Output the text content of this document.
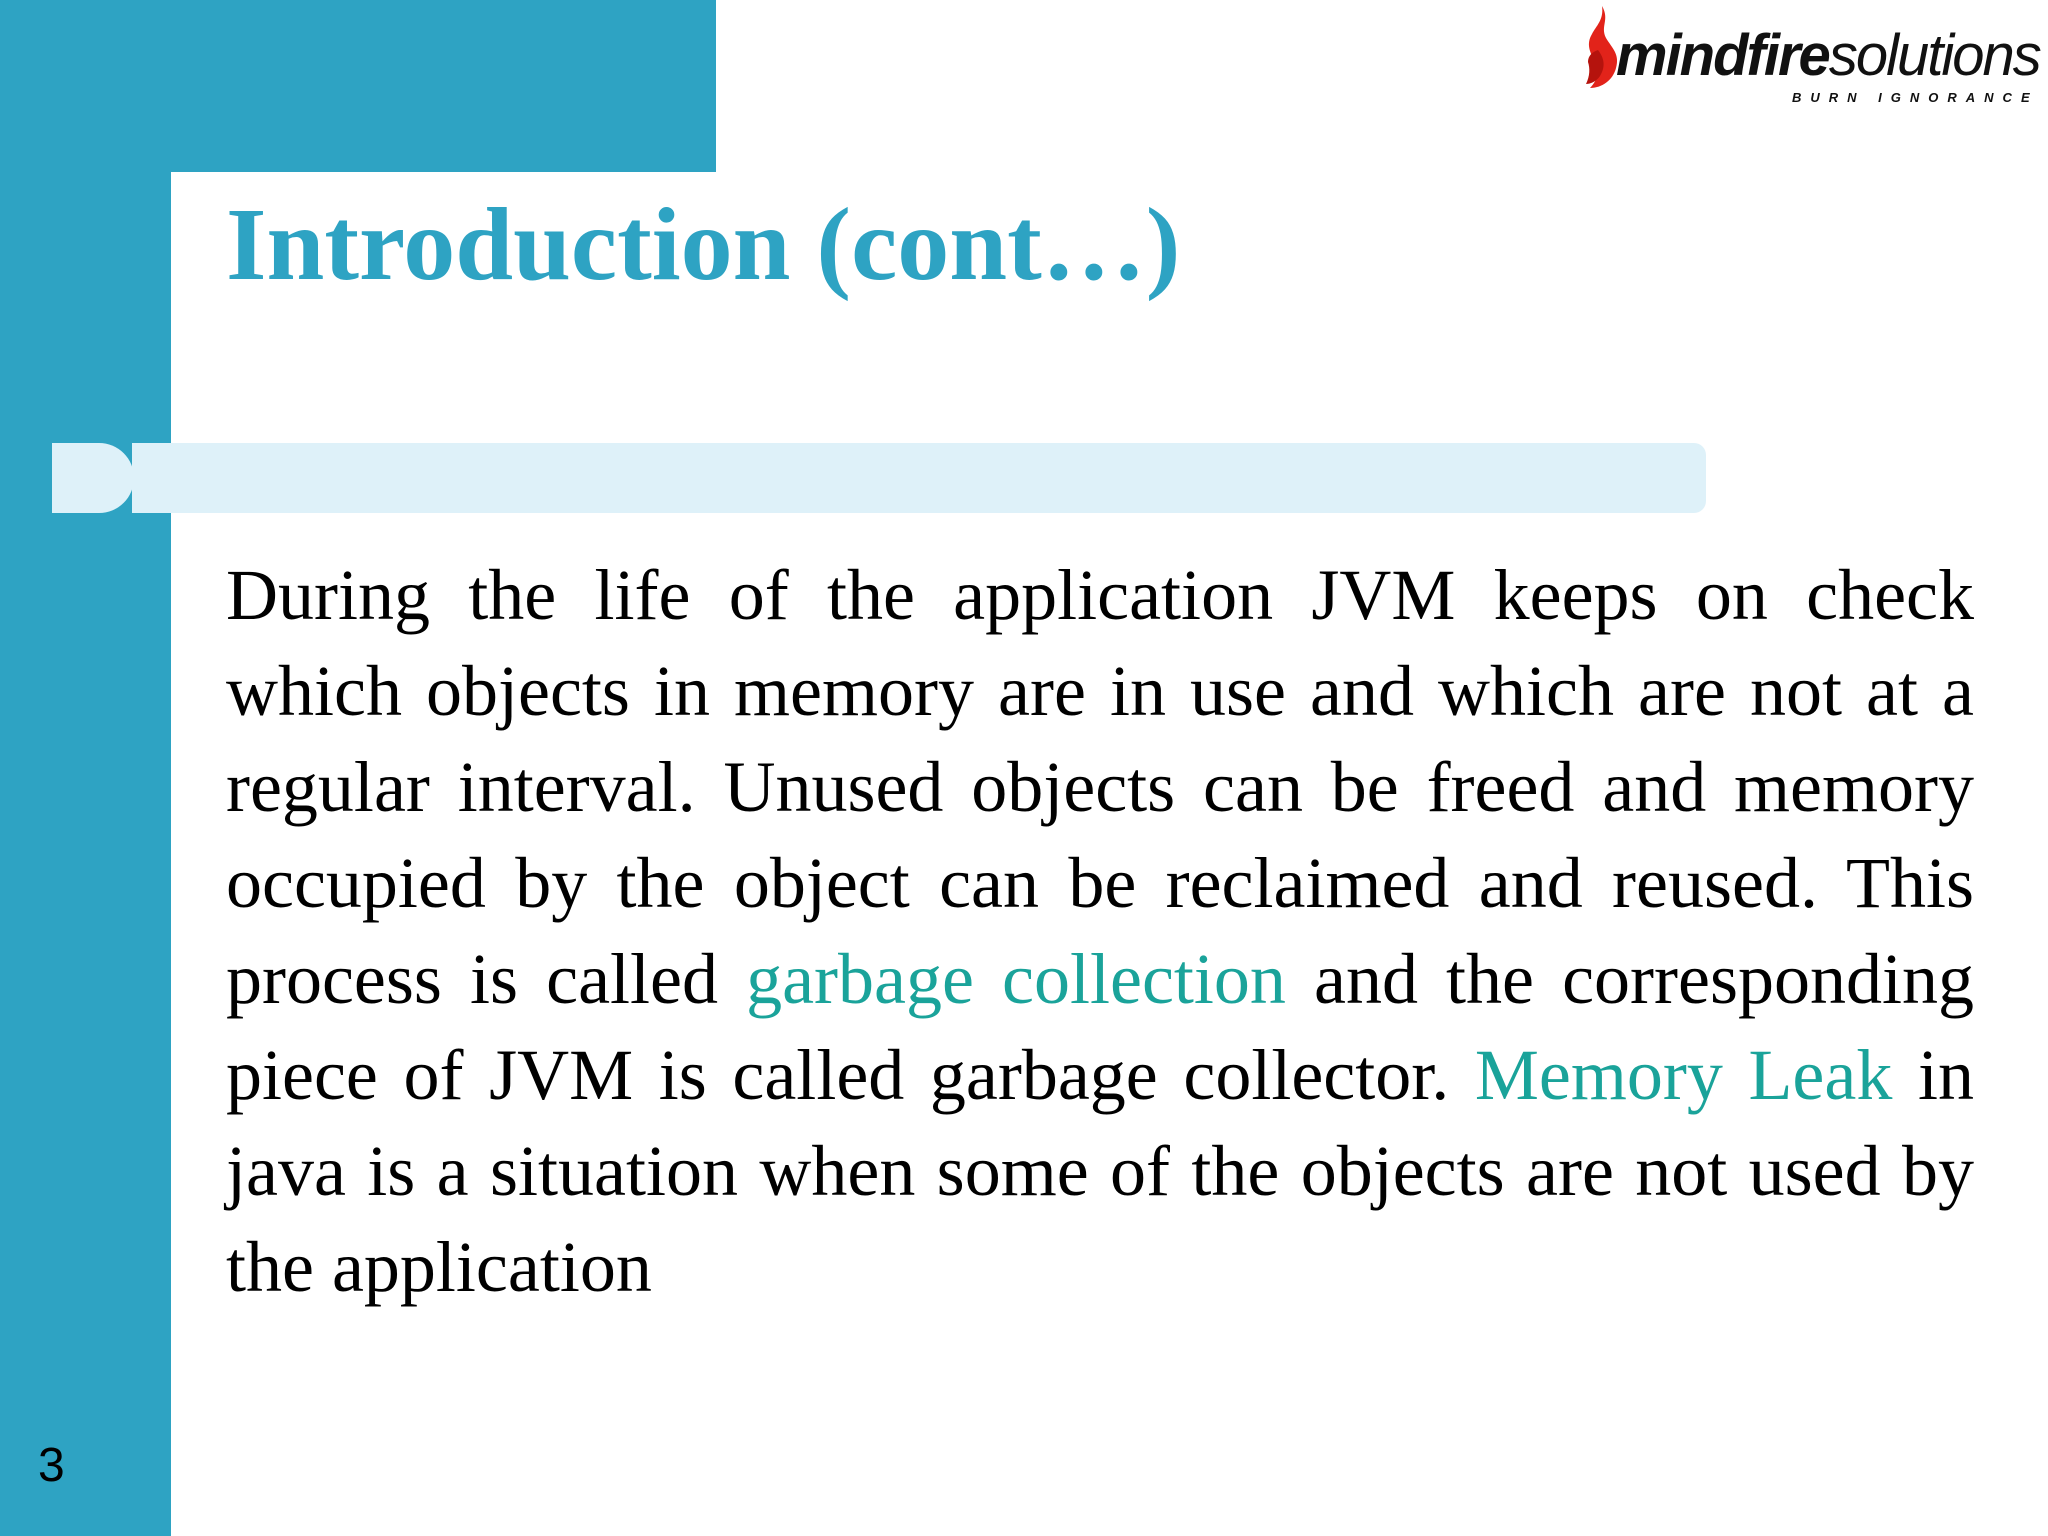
mindfiresolutions
BURN IGNORANCE
Introduction (cont…)

During the life of the application JVM keeps on check which objects in memory are in use and which are not at a regular interval. Unused objects can be freed and memory occupied by the object can be reclaimed and reused. This process is called garbage collection and the corresponding piece of JVM is called garbage collector. Memory Leak in java is a situation when some of the objects are not used by the application

3
